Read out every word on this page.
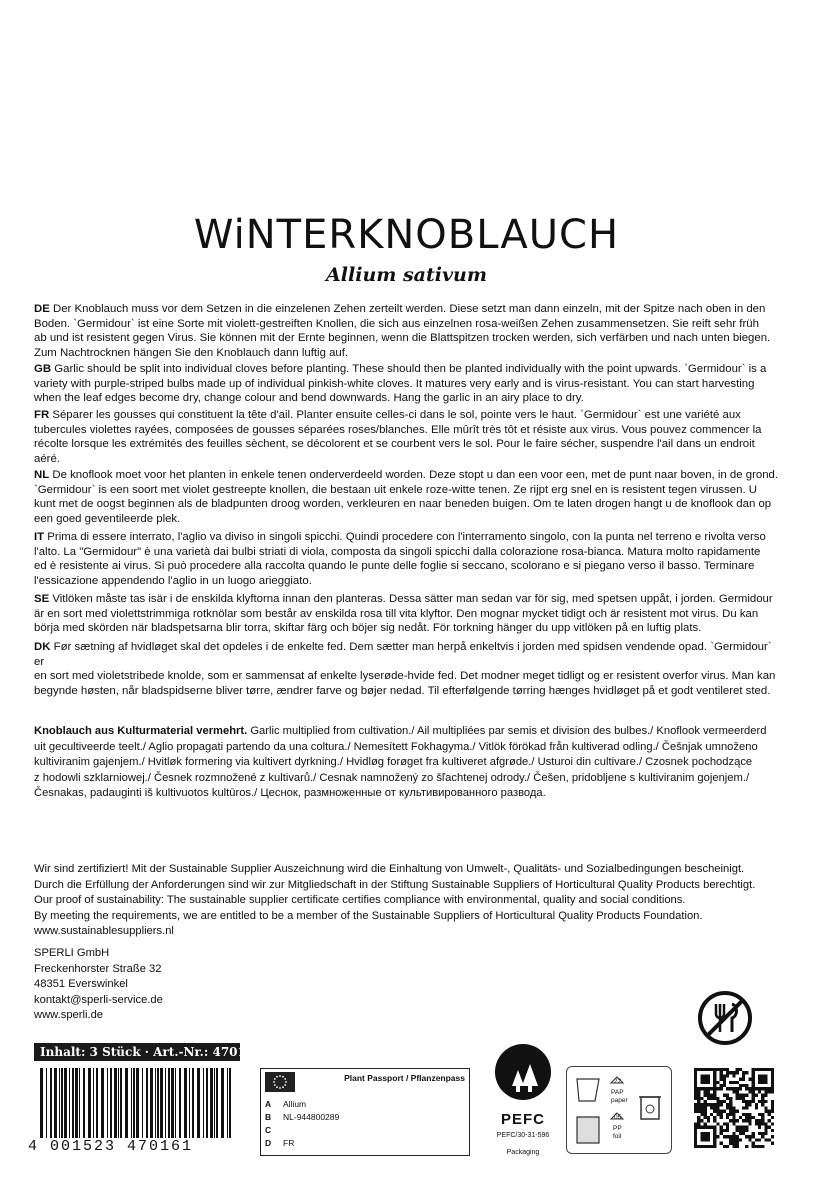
WiNTERKNOBLAUCH
Allium sativum
DE Der Knoblauch muss vor dem Setzen in die einzelenen Zehen zerteilt werden. Diese setzt man dann einzeln, mit der Spitze nach oben in den
Boden. `Germidour` ist eine Sorte mit violett-gestreiften Knollen, die sich aus einzelnen rosa-weißen Zehen zusammensetzen. Sie reift sehr früh
ab und ist resistent gegen Virus. Sie können mit der Ernte beginnen, wenn die Blattspitzen trocken werden, sich verfärben und nach unten biegen.
Zum Nachtrocknen hängen Sie den Knoblauch dann luftig auf.
GB Garlic should be split into individual cloves before planting. These should then be planted individually with the point upwards. `Germidour` is a
variety with purple-striped bulbs made up of individual pinkish-white cloves. It matures very early and is virus-resistant. You can start harvesting
when the leaf edges become dry, change colour and bend downwards. Hang the garlic in an airy place to dry.
FR Séparer les gousses qui constituent la tête d'ail. Planter ensuite celles-ci dans le sol, pointe vers le haut. `Germidour` est une variété aux
tubercules violettes rayées, composées de gousses séparées roses/blanches. Elle mûrît très tôt et résiste aux virus. Vous pouvez commencer la
récolte lorsque les extrémités des feuilles sèchent, se décolorent et se courbent vers le sol. Pour le faire sécher, suspendre l'ail dans un endroit
aéré.
NL De knoflook moet voor het planten in enkele tenen onderverdeeld worden. Deze stopt u dan een voor een, met de punt naar boven, in de grond.
`Germidour` is een soort met violet gestreepte knollen, die bestaan uit enkele roze-witte tenen. Ze rijpt erg snel en is resistent tegen virussen. U
kunt met de oogst beginnen als de bladpunten droog worden, verkleuren en naar beneden buigen. Om te laten drogen hangt u de knoflook dan op
een goed geventileerde plek.
IT Prima di essere interrato, l'aglio va diviso in singoli spicchi. Quindi procedere con l'interramento singolo, con la punta nel terreno e rivolta verso
l'alto. La "Germidour" è una varietà dai bulbi striati di viola, composta da singoli spicchi dalla colorazione rosa-bianca. Matura molto rapidamente
ed è resistente ai virus. Si può procedere alla raccolta quando le punte delle foglie si seccano, scolorano e si piegano verso il basso. Terminare
l'essicazione appendendo l'aglio in un luogo arieggiato.
SE Vitlöken måste tas isär i de enskilda klyftorna innan den planteras. Dessa sätter man sedan var för sig, med spetsen uppåt, i jorden. Germidour
är en sort med violettstrimmiga rotknölar som består av enskilda rosa till vita klyftor. Den mognar mycket tidigt och är resistent mot virus. Du kan
börja med skörden när bladspetsarna blir torra, skiftar färg och böjer sig nedåt. För torkning hänger du upp vitlöken på en luftig plats.
DK Før sætning af hvidløget skal det opdeles i de enkelte fed. Dem sætter man herpå enkeltvis i jorden med spidsen vendende opad. `Germidour` er
en sort med violetstribede knolde, som er sammensat af enkelte lyserøde-hvide fed. Det modner meget tidligt og er resistent overfor virus. Man kan
begynde høsten, når bladspidserne bliver tørre, ændrer farve og bøjer nedad. Til efterfølgende tørring hænges hvidløget på et godt ventileret sted.
Knoblauch aus Kulturmaterial vermehrt. Garlic multiplied from cultivation./ Ail multipliées par semis et division des bulbes./ Knoflook vermeerderd
uit gecultiveerde teelt./ Aglio propagati partendo da una coltura./ Nemesített Fokhagyma./ Vitlök förökad från kultiverad odling./ Češnjak umnoženo
kultiviranim gajenjem./ Hvitløk formering via kultivert dyrkning./ Hvidløg forøget fra kultiveret afgrøde./ Usturoi din cultivare./ Czosnek pochodzące
z hodowli szklarniowej./ Česnek rozmnožené z kultivarů./ Cesnak namnožený zo šľachtenej odrody./ Češen, pridobljene s kultiviranim gojenjem./
Česnakas, padauginti iš kultivuotos kultūros./ Цеснок, размноженные от культивированного развода.
Wir sind zertifiziert! Mit der Sustainable Supplier Auszeichnung wird die Einhaltung von Umwelt-, Qualitäts- und Sozialbedingungen bescheinigt.
Durch die Erfüllung der Anforderungen sind wir zur Mitgliedschaft in der Stiftung Sustainable Suppliers of Horticultural Quality Products berechtigt.
Our proof of sustainability: The sustainable supplier certificate certifies compliance with environmental, quality and social conditions.
By meeting the requirements, we are entitled to be a member of the Sustainable Suppliers of Horticultural Quality Products Foundation.
www.sustainablesuppliers.nl
SPERLI GmbH
Freckenhorster Straße 32
48351 Everswinkel
kontakt@sperli-service.de
www.sperli.de
Inhalt: 3 Stück · Art.-Nr.: 470161
4 001523 470161
Plant Passport / Pflanzenpass
A Allium
B NL-944800289
C
D FR
PEFC
PEFC/30-31-596
Packaging
22
PAP
paper
05
PP
foil
